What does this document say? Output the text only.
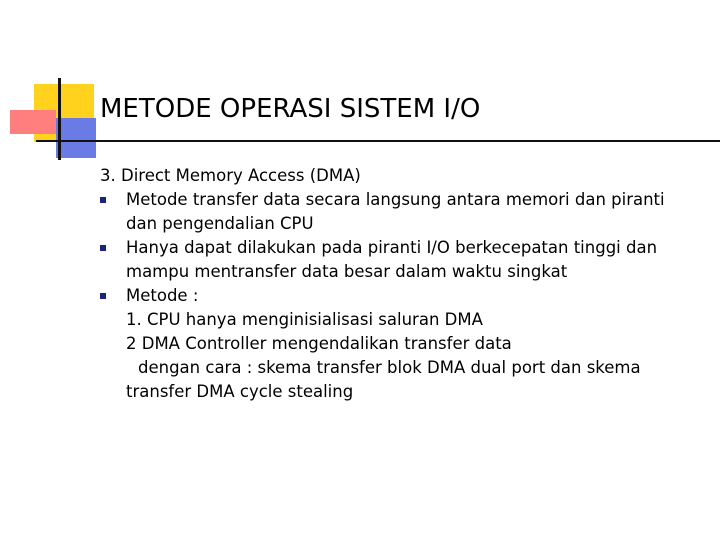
METODE OPERASI SISTEM I/O
3. Direct Memory Access (DMA)
Metode transfer data secara langsung antara memori dan piranti
dan pengendalian CPU
Hanya dapat dilakukan pada piranti I/O berkecepatan tinggi dan
mampu mentransfer data besar dalam waktu singkat
Metode :
1. CPU hanya menginisialisasi saluran DMA
2 DMA Controller mengendalikan transfer data
dengan cara : skema transfer blok DMA dual port dan skema
transfer DMA cycle stealing
